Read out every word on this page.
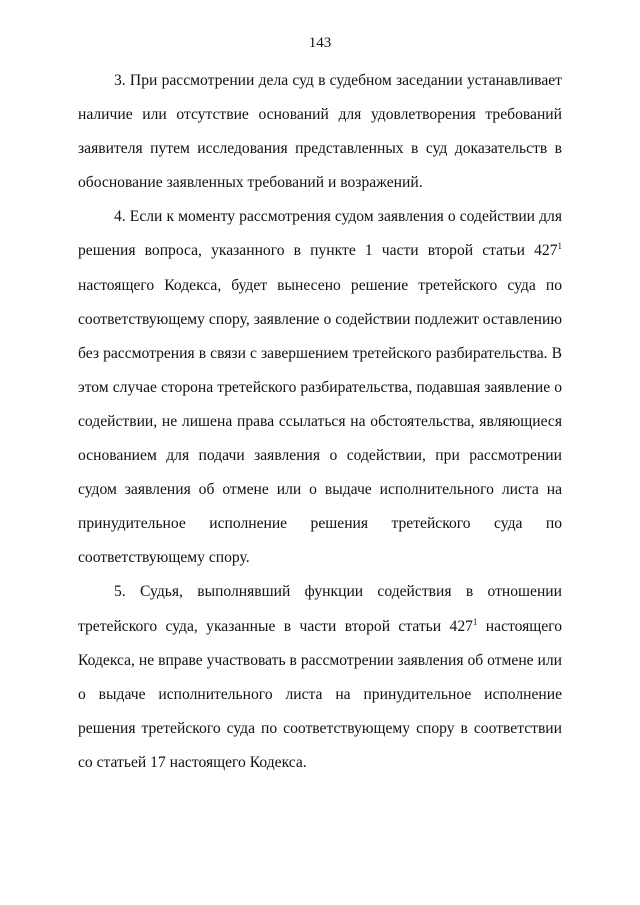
143

3. При рассмотрении дела суд в судебном заседании устанавливает наличие или отсутствие оснований для удовлетворения требований заявителя путем исследования представленных в суд доказательств в обоснование заявленных требований и возражений.

4. Если к моменту рассмотрения судом заявления о содействии для решения вопроса, указанного в пункте 1 части второй статьи $427^1$ настоящего Кодекса, будет вынесено решение третейского суда по соответствующему спору, заявление о содействии подлежит оставлению без рассмотрения в связи с завершением третейского разбирательства. В этом случае сторона третейского разбирательства, подавшая заявление о содействии, не лишена права ссылаться на обстоятельства, являющиеся основанием для подачи заявления о содействии, при рассмотрении судом заявления об отмене или о выдаче исполнительного листа на принудительное исполнение решения третейского суда по соответствующему спору.

5. Судья, выполнявший функции содействия в отношении третейского суда, указанные в части второй статьи $427^1$ настоящего Кодекса, не вправе участвовать в рассмотрении заявления об отмене или о выдаче исполнительного листа на принудительное исполнение решения третейского суда по соответствующему спору в соответствии со статьей 17 настоящего Кодекса.
